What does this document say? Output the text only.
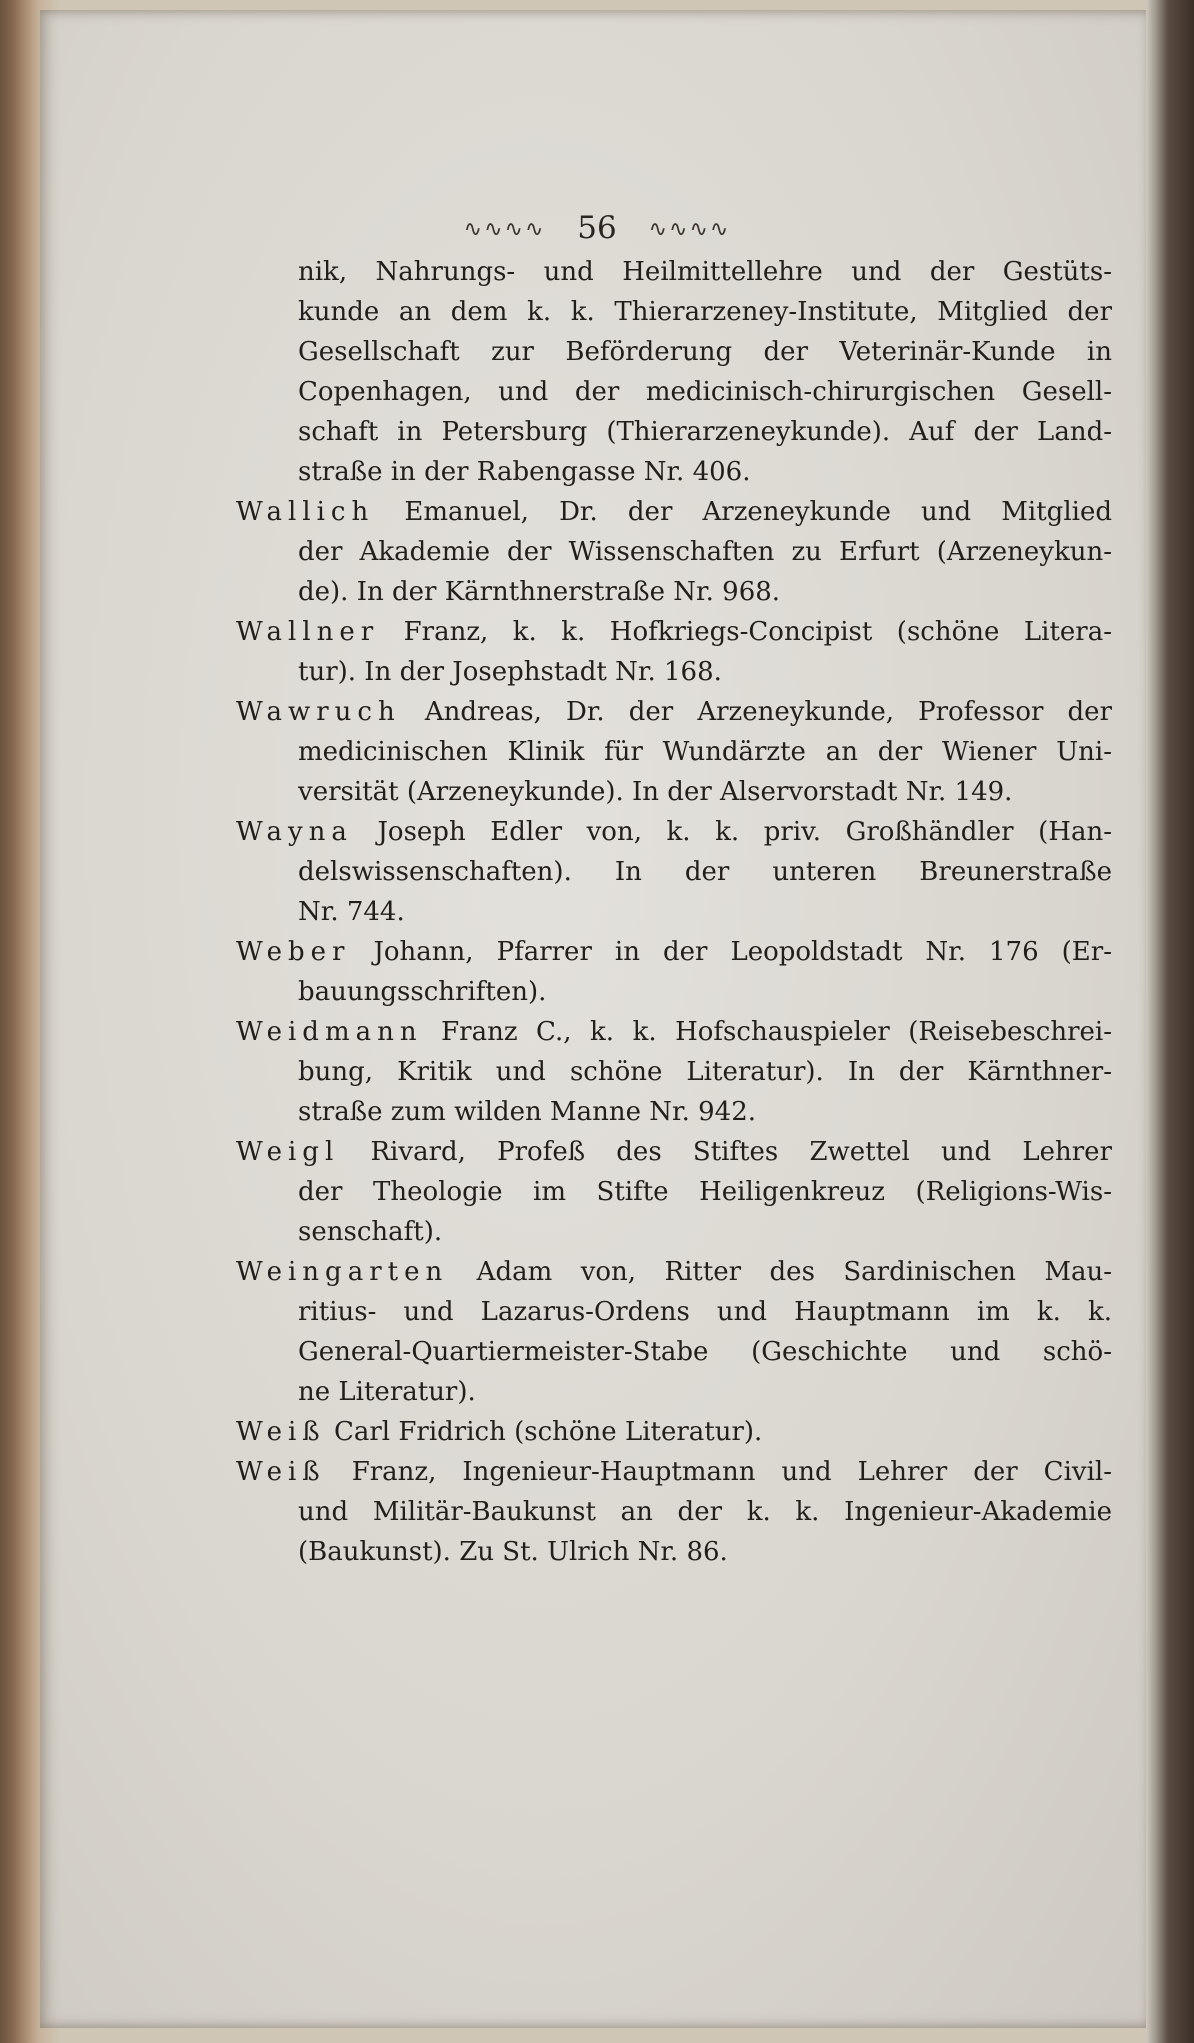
∿∿∿∿ 56 ∿∿∿∿
nik, Nahrungs- und Heilmittellehre und der Gestüts-
kunde an dem k. k. Thierarzeney-Institute, Mitglied der
Gesellschaft zur Beförderung der Veterinär-Kunde in
Copenhagen, und der medicinisch-chirurgischen Gesell-
schaft in Petersburg (Thierarzeneykunde). Auf der Land-
straße in der Rabengasse Nr. 406.
Wallich Emanuel, Dr. der Arzeneykunde und Mitglied
der Akademie der Wissenschaften zu Erfurt (Arzeneykun-
de). In der Kärnthnerstraße Nr. 968.
Wallner Franz, k. k. Hofkriegs-Concipist (schöne Litera-
tur). In der Josephstadt Nr. 168.
Wawruch Andreas, Dr. der Arzeneykunde, Professor der
medicinischen Klinik für Wundärzte an der Wiener Uni-
versität (Arzeneykunde). In der Alservorstadt Nr. 149.
Wayna Joseph Edler von, k. k. priv. Großhändler (Han-
delswissenschaften). In der unteren Breunerstraße
Nr. 744.
Weber Johann, Pfarrer in der Leopoldstadt Nr. 176 (Er-
bauungsschriften).
Weidmann Franz C., k. k. Hofschauspieler (Reisebeschrei-
bung, Kritik und schöne Literatur). In der Kärnthner-
straße zum wilden Manne Nr. 942.
Weigl Rivard, Profeß des Stiftes Zwettel und Lehrer
der Theologie im Stifte Heiligenkreuz (Religions-Wis-
senschaft).
Weingarten Adam von, Ritter des Sardinischen Mau-
ritius- und Lazarus-Ordens und Hauptmann im k. k.
General-Quartiermeister-Stabe (Geschichte und schö-
ne Literatur).
Weiß Carl Fridrich (schöne Literatur).
Weiß Franz, Ingenieur-Hauptmann und Lehrer der Civil-
und Militär-Baukunst an der k. k. Ingenieur-Akademie
(Baukunst). Zu St. Ulrich Nr. 86.
